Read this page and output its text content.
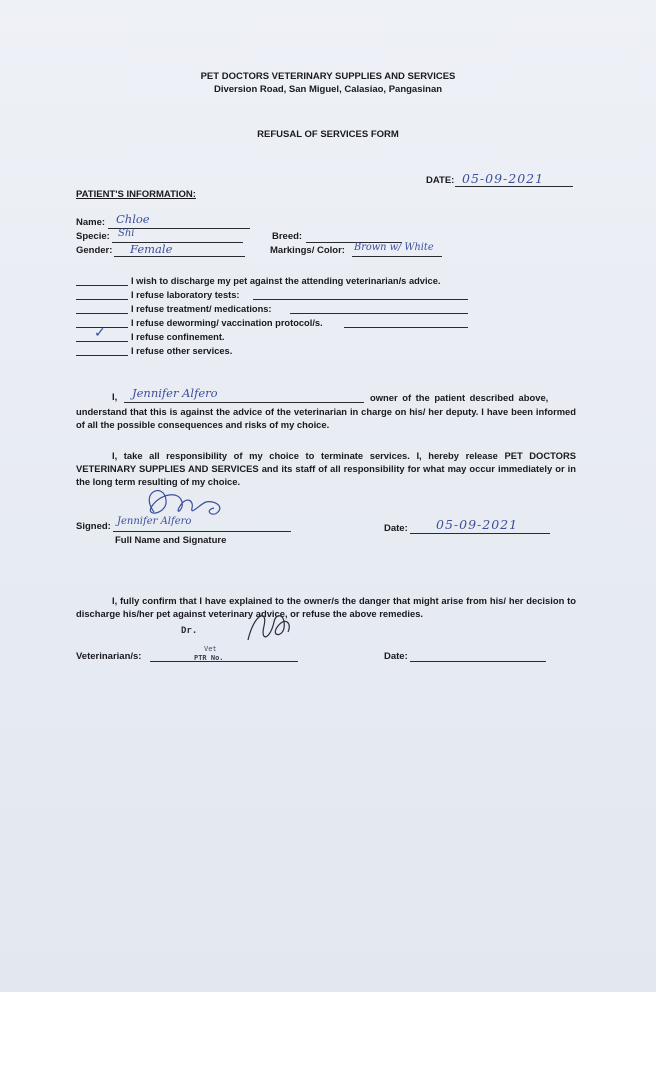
PET DOCTORS VETERINARY SUPPLIES AND SERVICES
Diversion Road, San Miguel, Calasiao, Pangasinan
REFUSAL OF SERVICES FORM
DATE: 05-09-2021
PATIENT'S INFORMATION:
Name: Chloe
Specie: Shi
Gender: Female
Breed:
Markings/ Color: Brown w/ White
I wish to discharge my pet against the attending veterinarian/s advice.
I refuse laboratory tests:
I refuse treatment/ medications:
I refuse deworming/ vaccination protocol/s.
✓	I refuse confinement.
I refuse other services.
I, Jennifer Alfero	owner of the patient described above,
understand that this is against the advice of the veterinarian in charge on his/ her deputy. I have been informed of all the possible consequences and risks of my choice.
I, take all responsibility of my choice to terminate services. I, hereby release PET DOCTORS VETERINARY SUPPLIES AND SERVICES and its staff of all responsibility for what may occur immediately or in the long term resulting of my choice.
Signed: Jennifer Alfero
Full Name and Signature
Date: 05-09-2021
I, fully confirm that I have explained to the owner/s the danger that might arise from his/ her decision to discharge his/her pet against veterinary advice, or refuse the above remedies.
Dr.
Vet
PTR No.
Veterinarian/s:	Date:
